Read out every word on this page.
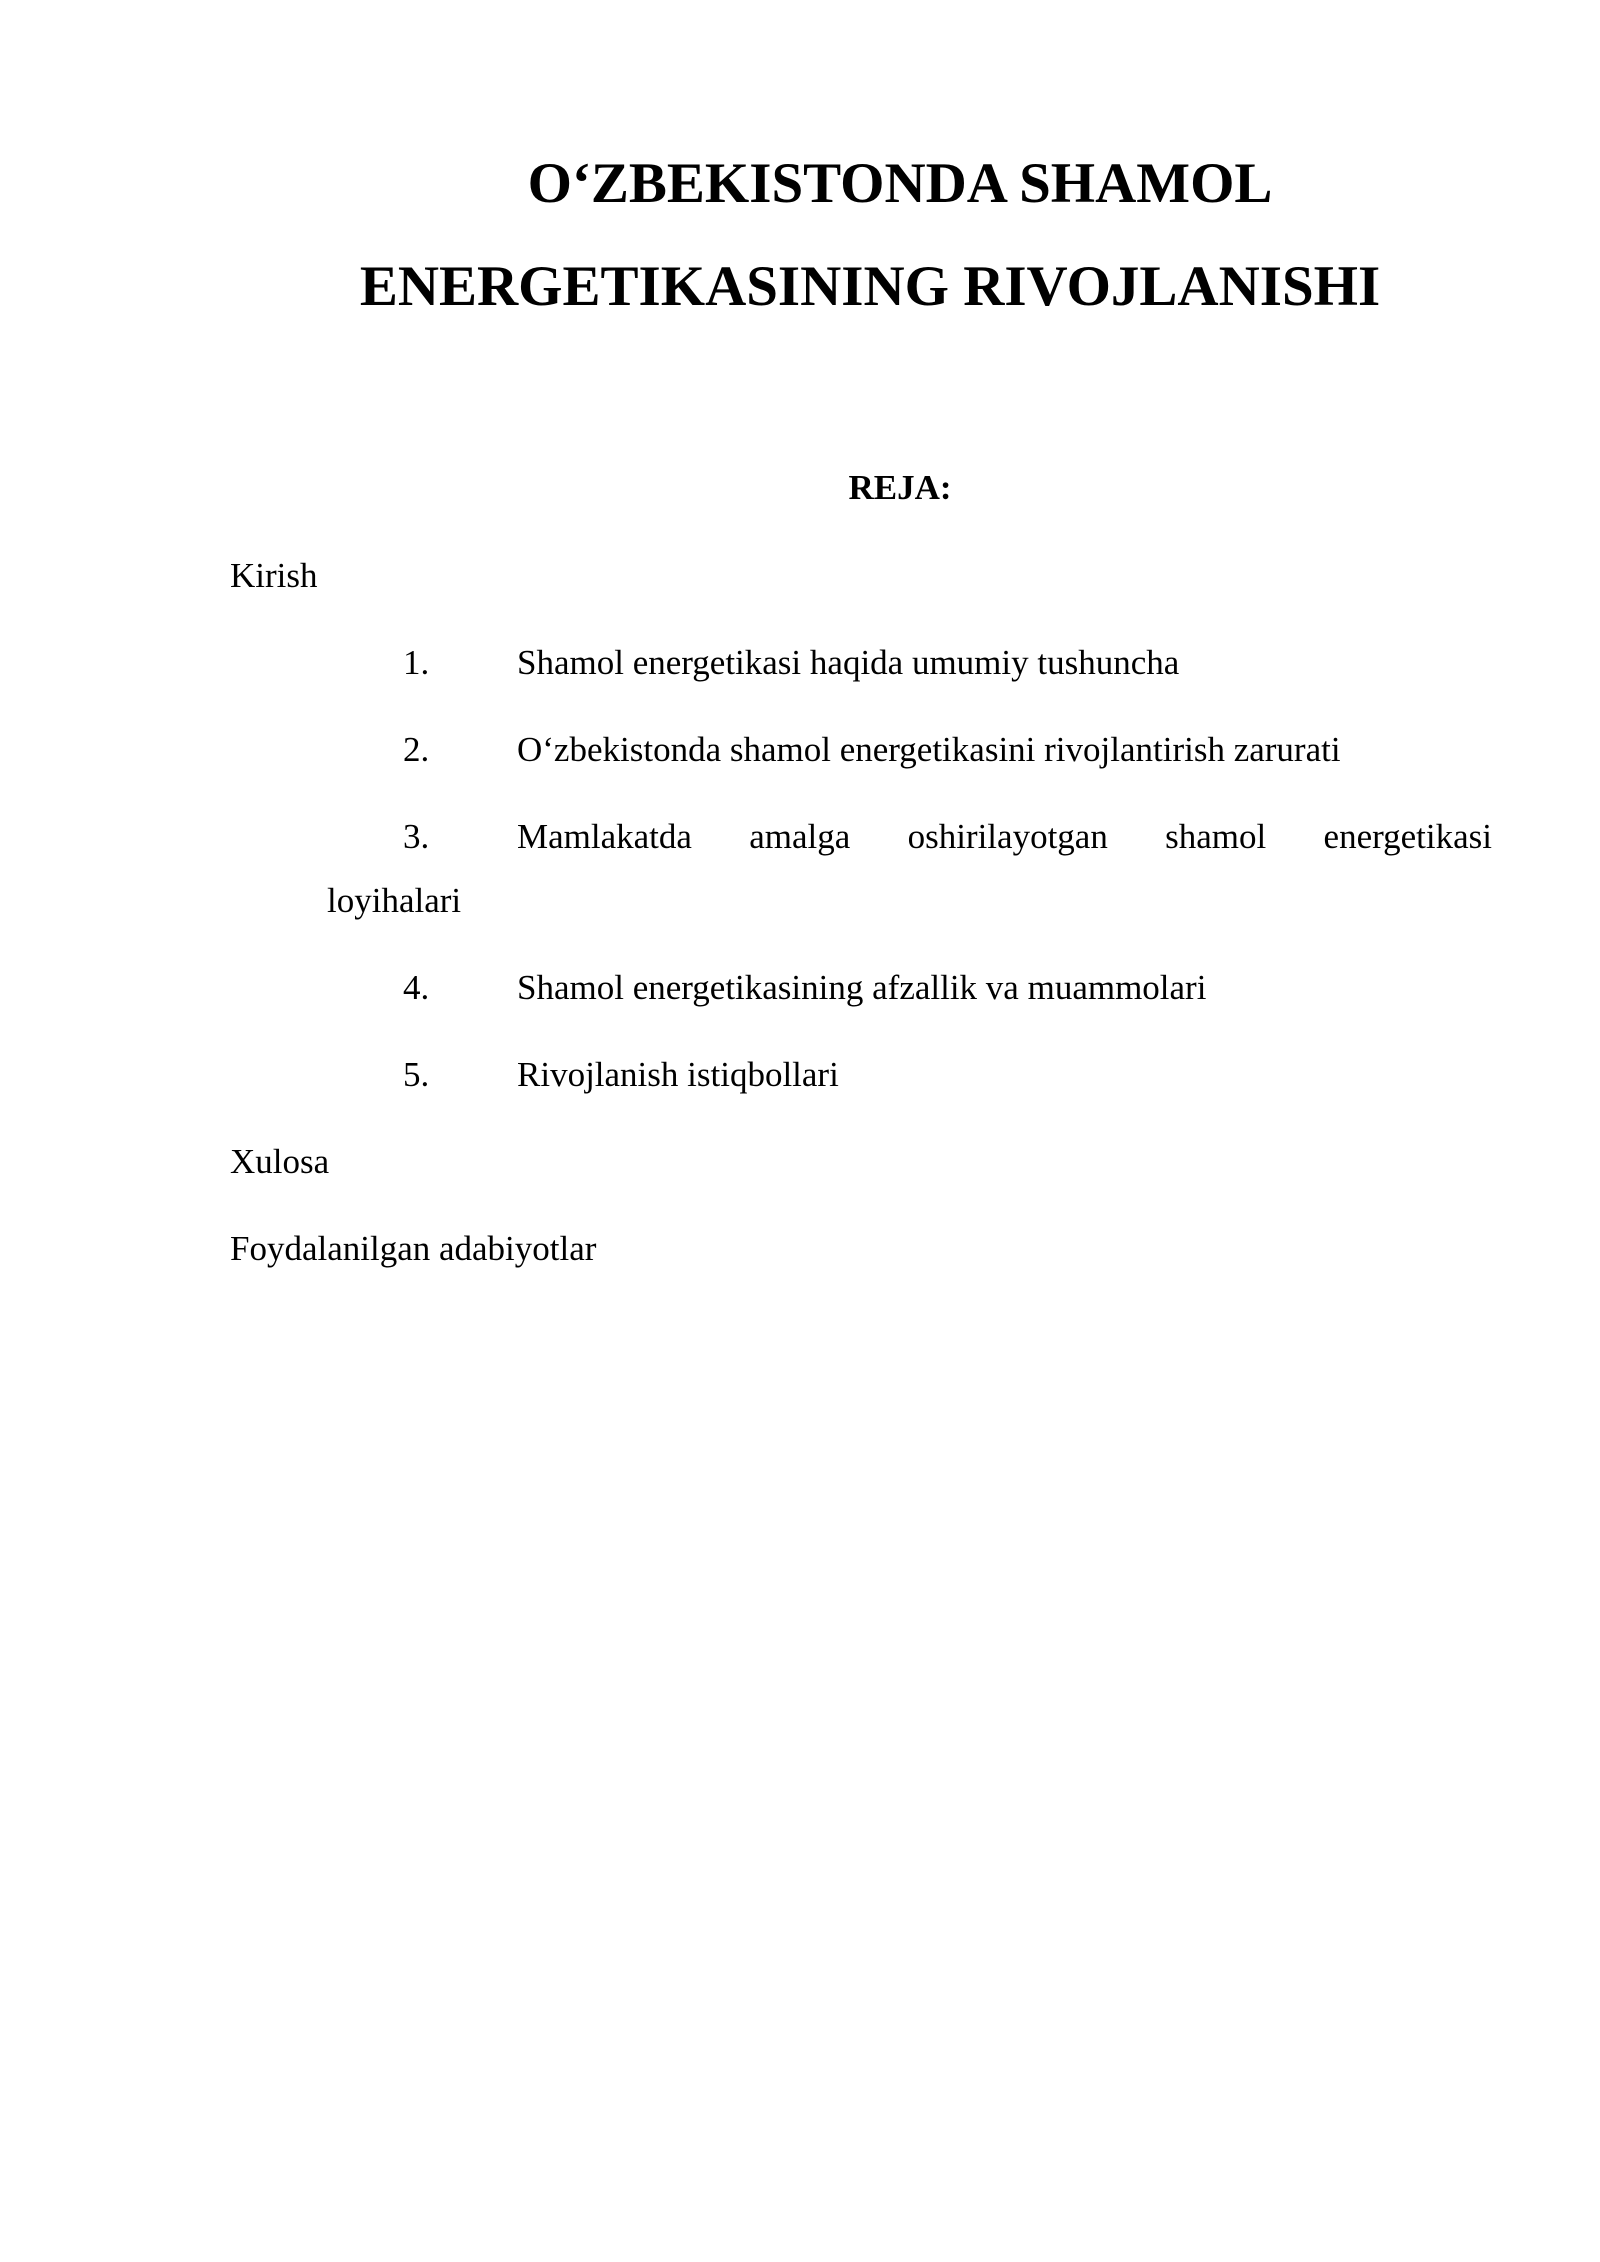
O‘ZBEKISTONDA SHAMOL
ENERGETIKASINING RIVOJLANISHI
REJA:

Kirish

1.	Shamol energetikasi haqida umumiy tushuncha
2.	O‘zbekistonda shamol energetikasini rivojlantirish zarurati
3.	Mamlakatda amalga oshirilayotgan shamol energetikasi
loyihalari
4.	Shamol energetikasining afzallik va muammolari
5.	Rivojlanish istiqbollari

Xulosa

Foydalanilgan adabiyotlar
